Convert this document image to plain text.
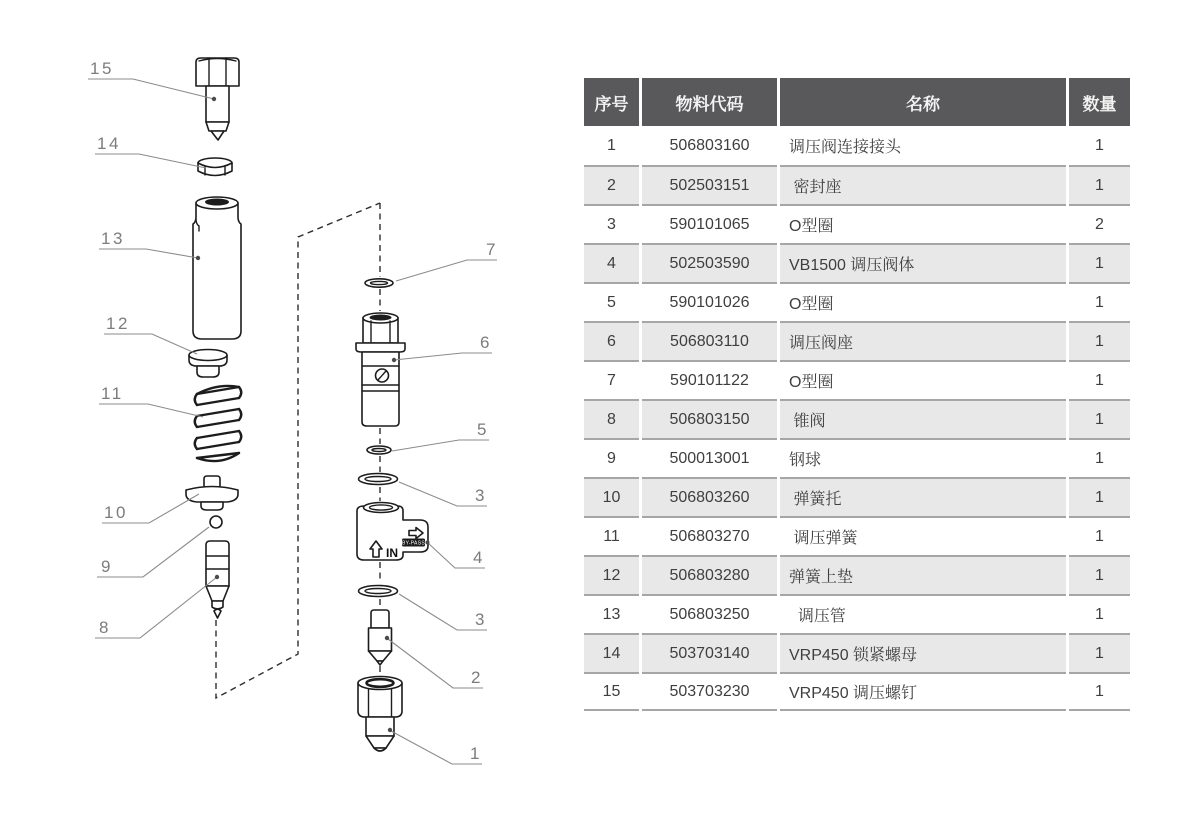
BY-PASS
IN
15
14
13
12
11
10
9
8
7
6
5
3
4
3
2
1
序号	物料代码	名称	数量
1	506803160	调压阀连接接头	1
2	502503151	密封座	1
3	590101065	O型圈	2
4	502503590	VB1500 调压阀体	1
5	590101026	O型圈	1
6	506803110	调压阀座	1
7	590101122	O型圈	1
8	506803150	锥阀	1
9	500013001	钢球	1
10	506803260	弹簧托	1
11	506803270	调压弹簧	1
12	506803280	弹簧上垫	1
13	506803250	调压管	1
14	503703140	VRP450 锁紧螺母	1
15	503703230	VRP450 调压螺钉	1
